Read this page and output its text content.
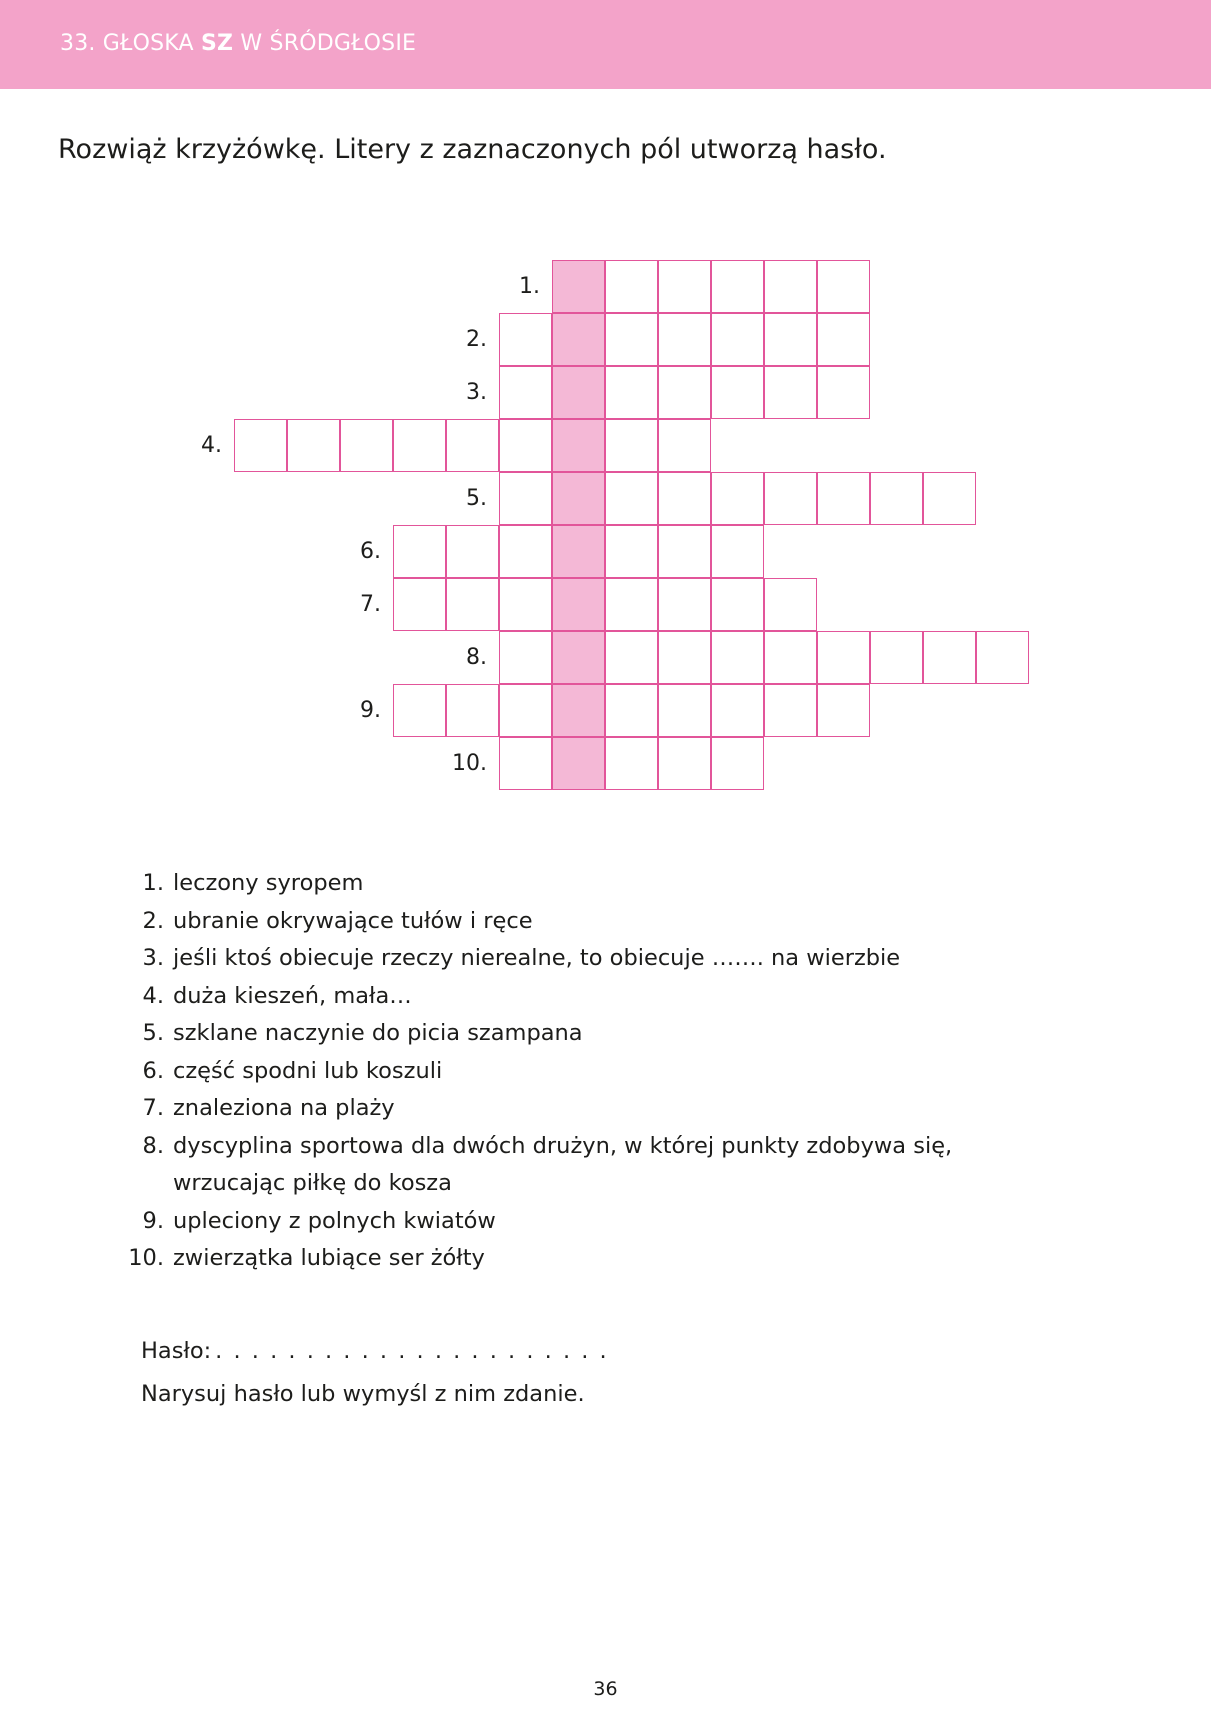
33. GŁOSKA SZ W ŚRÓDGŁOSIE
Rozwiąż krzyżówkę. Litery z zaznaczonych pól utworzą hasło.
1.
2.
3.
4.
5.
6.
7.
8.
9.
10.
1. leczony syropem
2. ubranie okrywające tułów i ręce
3. jeśli ktoś obiecuje rzeczy nierealne, to obiecuje ……. na wierzbie
4. duża kieszeń, mała…
5. szklane naczynie do picia szampana
6. część spodni lub koszuli
7. znaleziona na plaży
8. dyscyplina sportowa dla dwóch drużyn, w której punkty zdobywa się,
wrzucając piłkę do kosza
9. upleciony z polnych kwiatów
10. zwierzątka lubiące ser żółty
Hasło: . . . . . . . . . . . . . . . . . . . . . .
Narysuj hasło lub wymyśl z nim zdanie.
36
